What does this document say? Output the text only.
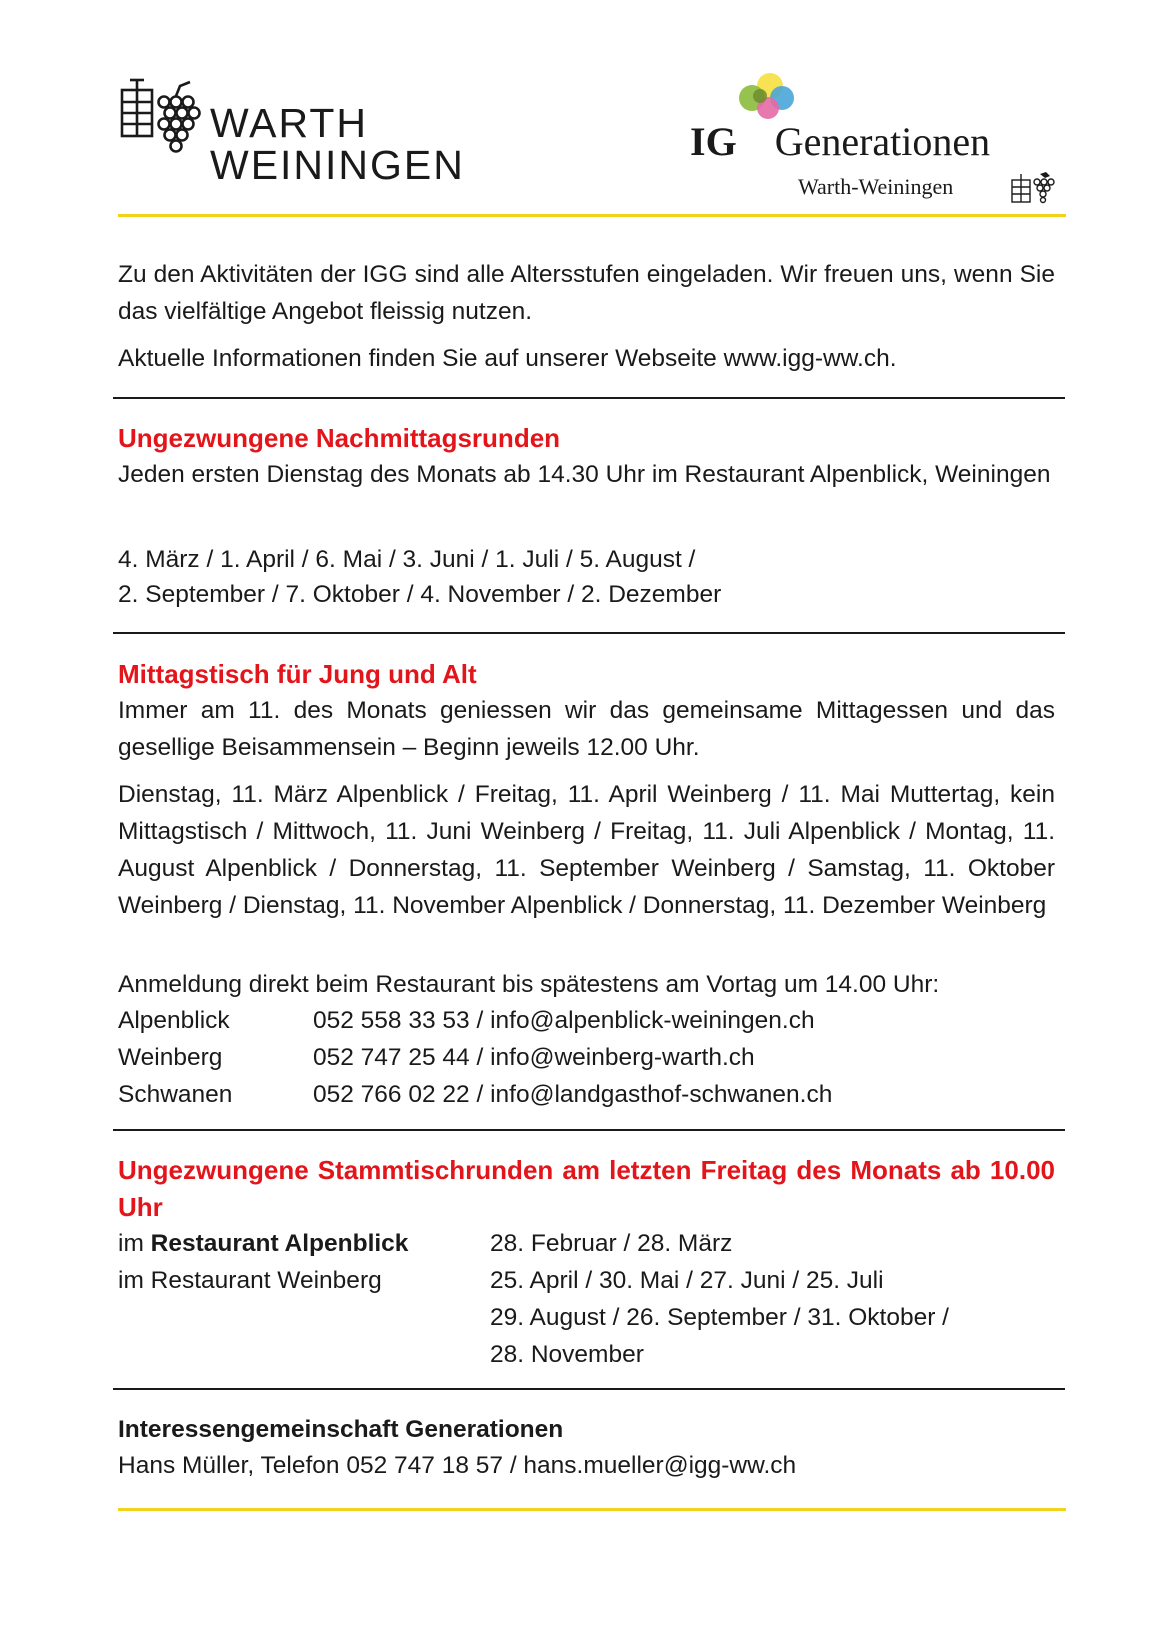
WARTH
WEININGEN
IG Generationen
Warth-Weiningen
Zu den Aktivitäten der IGG sind alle Altersstufen eingeladen. Wir freuen uns, wenn Sie das vielfältige Angebot fleissig nutzen.
Aktuelle Informationen finden Sie auf unserer Webseite www.igg-ww.ch.
Ungezwungene Nachmittagsrunden
Jeden ersten Dienstag des Monats ab 14.30 Uhr im Restaurant Alpenblick, Weiningen
4. März / 1. April / 6. Mai / 3. Juni / 1. Juli / 5. August /
2. September / 7. Oktober / 4. November / 2. Dezember
Mittagstisch für Jung und Alt
Immer am 11. des Monats geniessen wir das gemeinsame Mittagessen und das gesellige Beisammensein – Beginn jeweils 12.00 Uhr.
Dienstag, 11. März Alpenblick / Freitag, 11. April Weinberg / 11. Mai Muttertag, kein Mittagstisch / Mittwoch, 11. Juni Weinberg / Freitag, 11. Juli Alpenblick / Montag, 11. August Alpenblick / Donnerstag, 11. September Weinberg / Samstag, 11. Oktober Weinberg / Dienstag, 11. November Alpenblick / Donnerstag, 11. Dezember Weinberg
Anmeldung direkt beim Restaurant bis spätestens am Vortag um 14.00 Uhr:
Alpenblick	052 558 33 53 / info@alpenblick-weiningen.ch
Weinberg	052 747 25 44 / info@weinberg-warth.ch
Schwanen	052 766 02 22 / info@landgasthof-schwanen.ch
Ungezwungene Stammtischrunden am letzten Freitag des Monats ab 10.00 Uhr
im Restaurant Alpenblick	28. Februar / 28. März
im Restaurant Weinberg	25. April / 30. Mai / 27. Juni / 25. Juli
29. August / 26. September / 31. Oktober /
28. November
Interessengemeinschaft Generationen
Hans Müller, Telefon 052 747 18 57 / hans.mueller@igg-ww.ch
